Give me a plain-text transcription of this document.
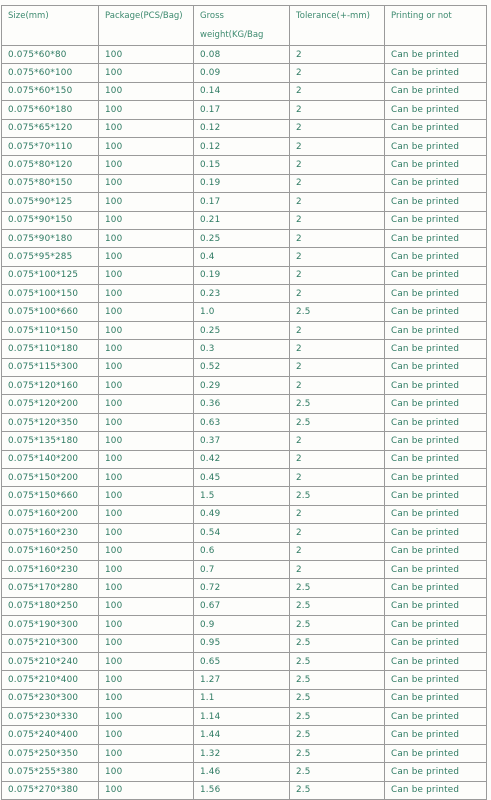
Size(mm)	Package(PCS/Bag)	Gross weight(KG/Bag	Tolerance(+-mm)	Printing or not
0.075*60*80	100	0.08	2	Can be printed
0.075*60*100	100	0.09	2	Can be printed
0.075*60*150	100	0.14	2	Can be printed
0.075*60*180	100	0.17	2	Can be printed
0.075*65*120	100	0.12	2	Can be printed
0.075*70*110	100	0.12	2	Can be printed
0.075*80*120	100	0.15	2	Can be printed
0.075*80*150	100	0.19	2	Can be printed
0.075*90*125	100	0.17	2	Can be printed
0.075*90*150	100	0.21	2	Can be printed
0.075*90*180	100	0.25	2	Can be printed
0.075*95*285	100	0.4	2	Can be printed
0.075*100*125	100	0.19	2	Can be printed
0.075*100*150	100	0.23	2	Can be printed
0.075*100*660	100	1.0	2.5	Can be printed
0.075*110*150	100	0.25	2	Can be printed
0.075*110*180	100	0.3	2	Can be printed
0.075*115*300	100	0.52	2	Can be printed
0.075*120*160	100	0.29	2	Can be printed
0.075*120*200	100	0.36	2.5	Can be printed
0.075*120*350	100	0.63	2.5	Can be printed
0.075*135*180	100	0.37	2	Can be printed
0.075*140*200	100	0.42	2	Can be printed
0.075*150*200	100	0.45	2	Can be printed
0.075*150*660	100	1.5	2.5	Can be printed
0.075*160*200	100	0.49	2	Can be printed
0.075*160*230	100	0.54	2	Can be printed
0.075*160*250	100	0.6	2	Can be printed
0.075*160*230	100	0.7	2	Can be printed
0.075*170*280	100	0.72	2.5	Can be printed
0.075*180*250	100	0.67	2.5	Can be printed
0.075*190*300	100	0.9	2.5	Can be printed
0.075*210*300	100	0.95	2.5	Can be printed
0.075*210*240	100	0.65	2.5	Can be printed
0.075*210*400	100	1.27	2.5	Can be printed
0.075*230*300	100	1.1	2.5	Can be printed
0.075*230*330	100	1.14	2.5	Can be printed
0.075*240*400	100	1.44	2.5	Can be printed
0.075*250*350	100	1.32	2.5	Can be printed
0.075*255*380	100	1.46	2.5	Can be printed
0.075*270*380	100	1.56	2.5	Can be printed
